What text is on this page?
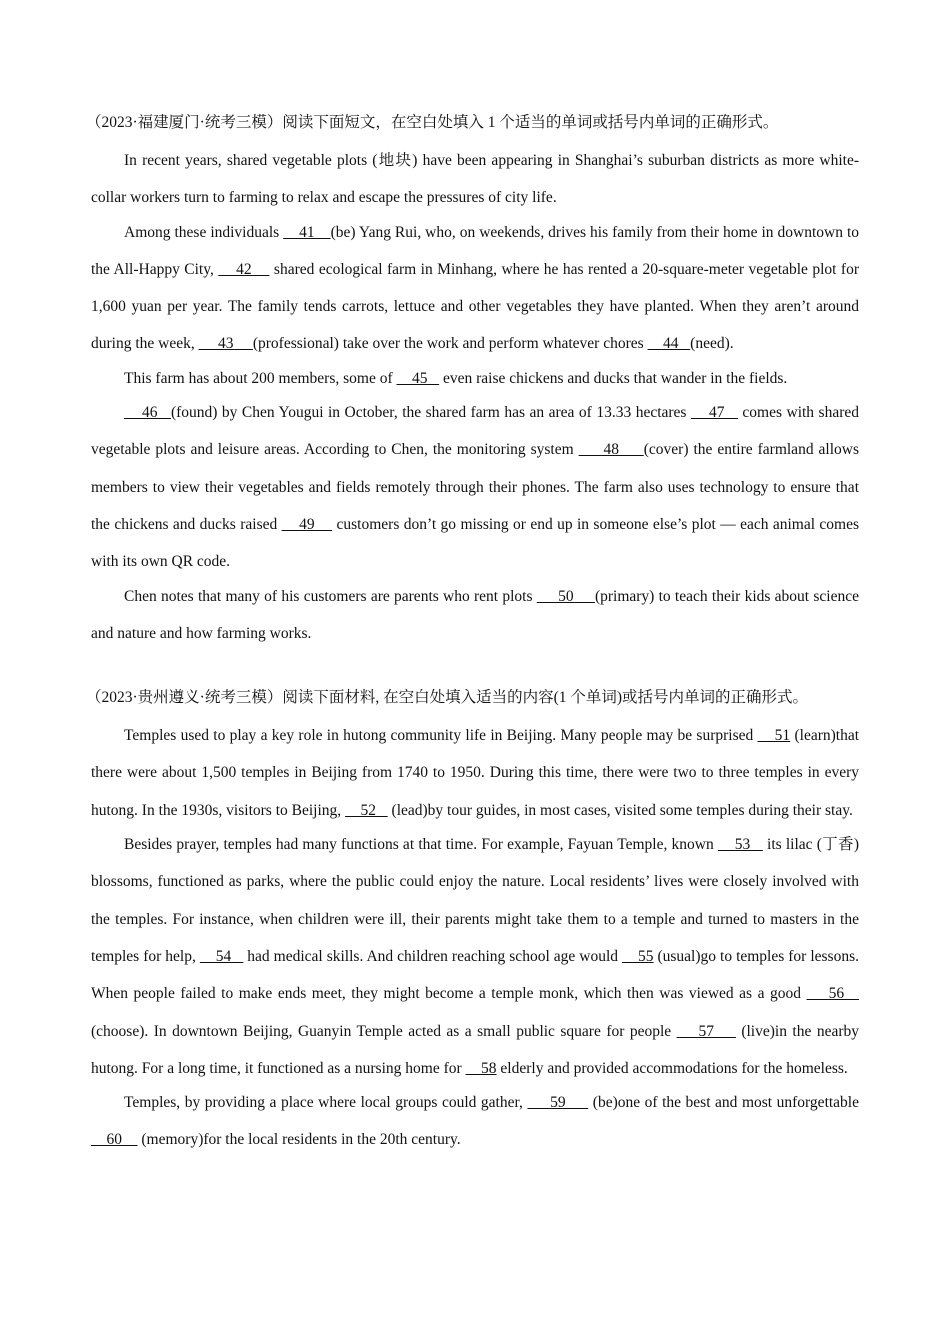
（2023·福建厦门·统考三模）阅读下面短文，在空白处填入 1 个适当的单词或括号内单词的正确形式。

In recent years, shared vegetable plots (地块) have been appearing in Shanghai’s suburban districts as more white-collar workers turn to farming to relax and escape the pressures of city life.

Among these individuals     41    (be) Yang Rui, who, on weekends, drives his family from their home in downtown to the All-Happy City,     42     shared ecological farm in Minhang, where he has rented a 20-square-meter vegetable plot for 1,600 yuan per year. The family tends carrots, lettuce and other vegetables they have planted. When they aren’t around during the week,      43     (professional) take over the work and perform whatever chores     44   (need).

This farm has about 200 members, some of     45    even raise chickens and ducks that wander in the fields.

46   (found) by Chen Yougui in October, the shared farm has an area of 13.33 hectares     47    comes with shared vegetable plots and leisure areas. According to Chen, the monitoring system      48     (cover) the entire farmland allows members to view their vegetables and fields remotely through their phones. The farm also uses technology to ensure that the chickens and ducks raised     49     customers don’t go missing or end up in someone else’s plot — each animal comes with its own QR code.

Chen notes that many of his customers are parents who rent plots      50     (primary) to teach their kids about science and nature and how farming works.

（2023·贵州遵义·统考三模）阅读下面材料, 在空白处填入适当的内容(1 个单词)或括号内单词的正确形式。

Temples used to play a key role in hutong community life in Beijing. Many people may be surprised     51 (learn)that there were about 1,500 temples in Beijing from 1740 to 1950. During this time, there were two to three temples in every hutong. In the 1930s, visitors to Beijing,     52    (lead)by tour guides, in most cases, visited some temples during their stay.

Besides prayer, temples had many functions at that time. For example, Fayuan Temple, known     53    its lilac (丁香) blossoms, functioned as parks, where the public could enjoy the nature. Local residents’ lives were closely involved with the temples. For instance, when children were ill, their parents might take them to a temple and turned to masters in the temples for help,     54    had medical skills. And children reaching school age would     55 (usual)go to temples for lessons. When people failed to make ends meet, they might become a temple monk, which then was viewed as a good     56    (choose). In downtown Beijing, Guanyin Temple acted as a small public square for people     57     (live)in the nearby hutong. For a long time, it functioned as a nursing home for     58 elderly and provided accommodations for the homeless.

Temples, by providing a place where local groups could gather,      59      (be)one of the best and most unforgettable     60     (memory)for the local residents in the 20th century.
